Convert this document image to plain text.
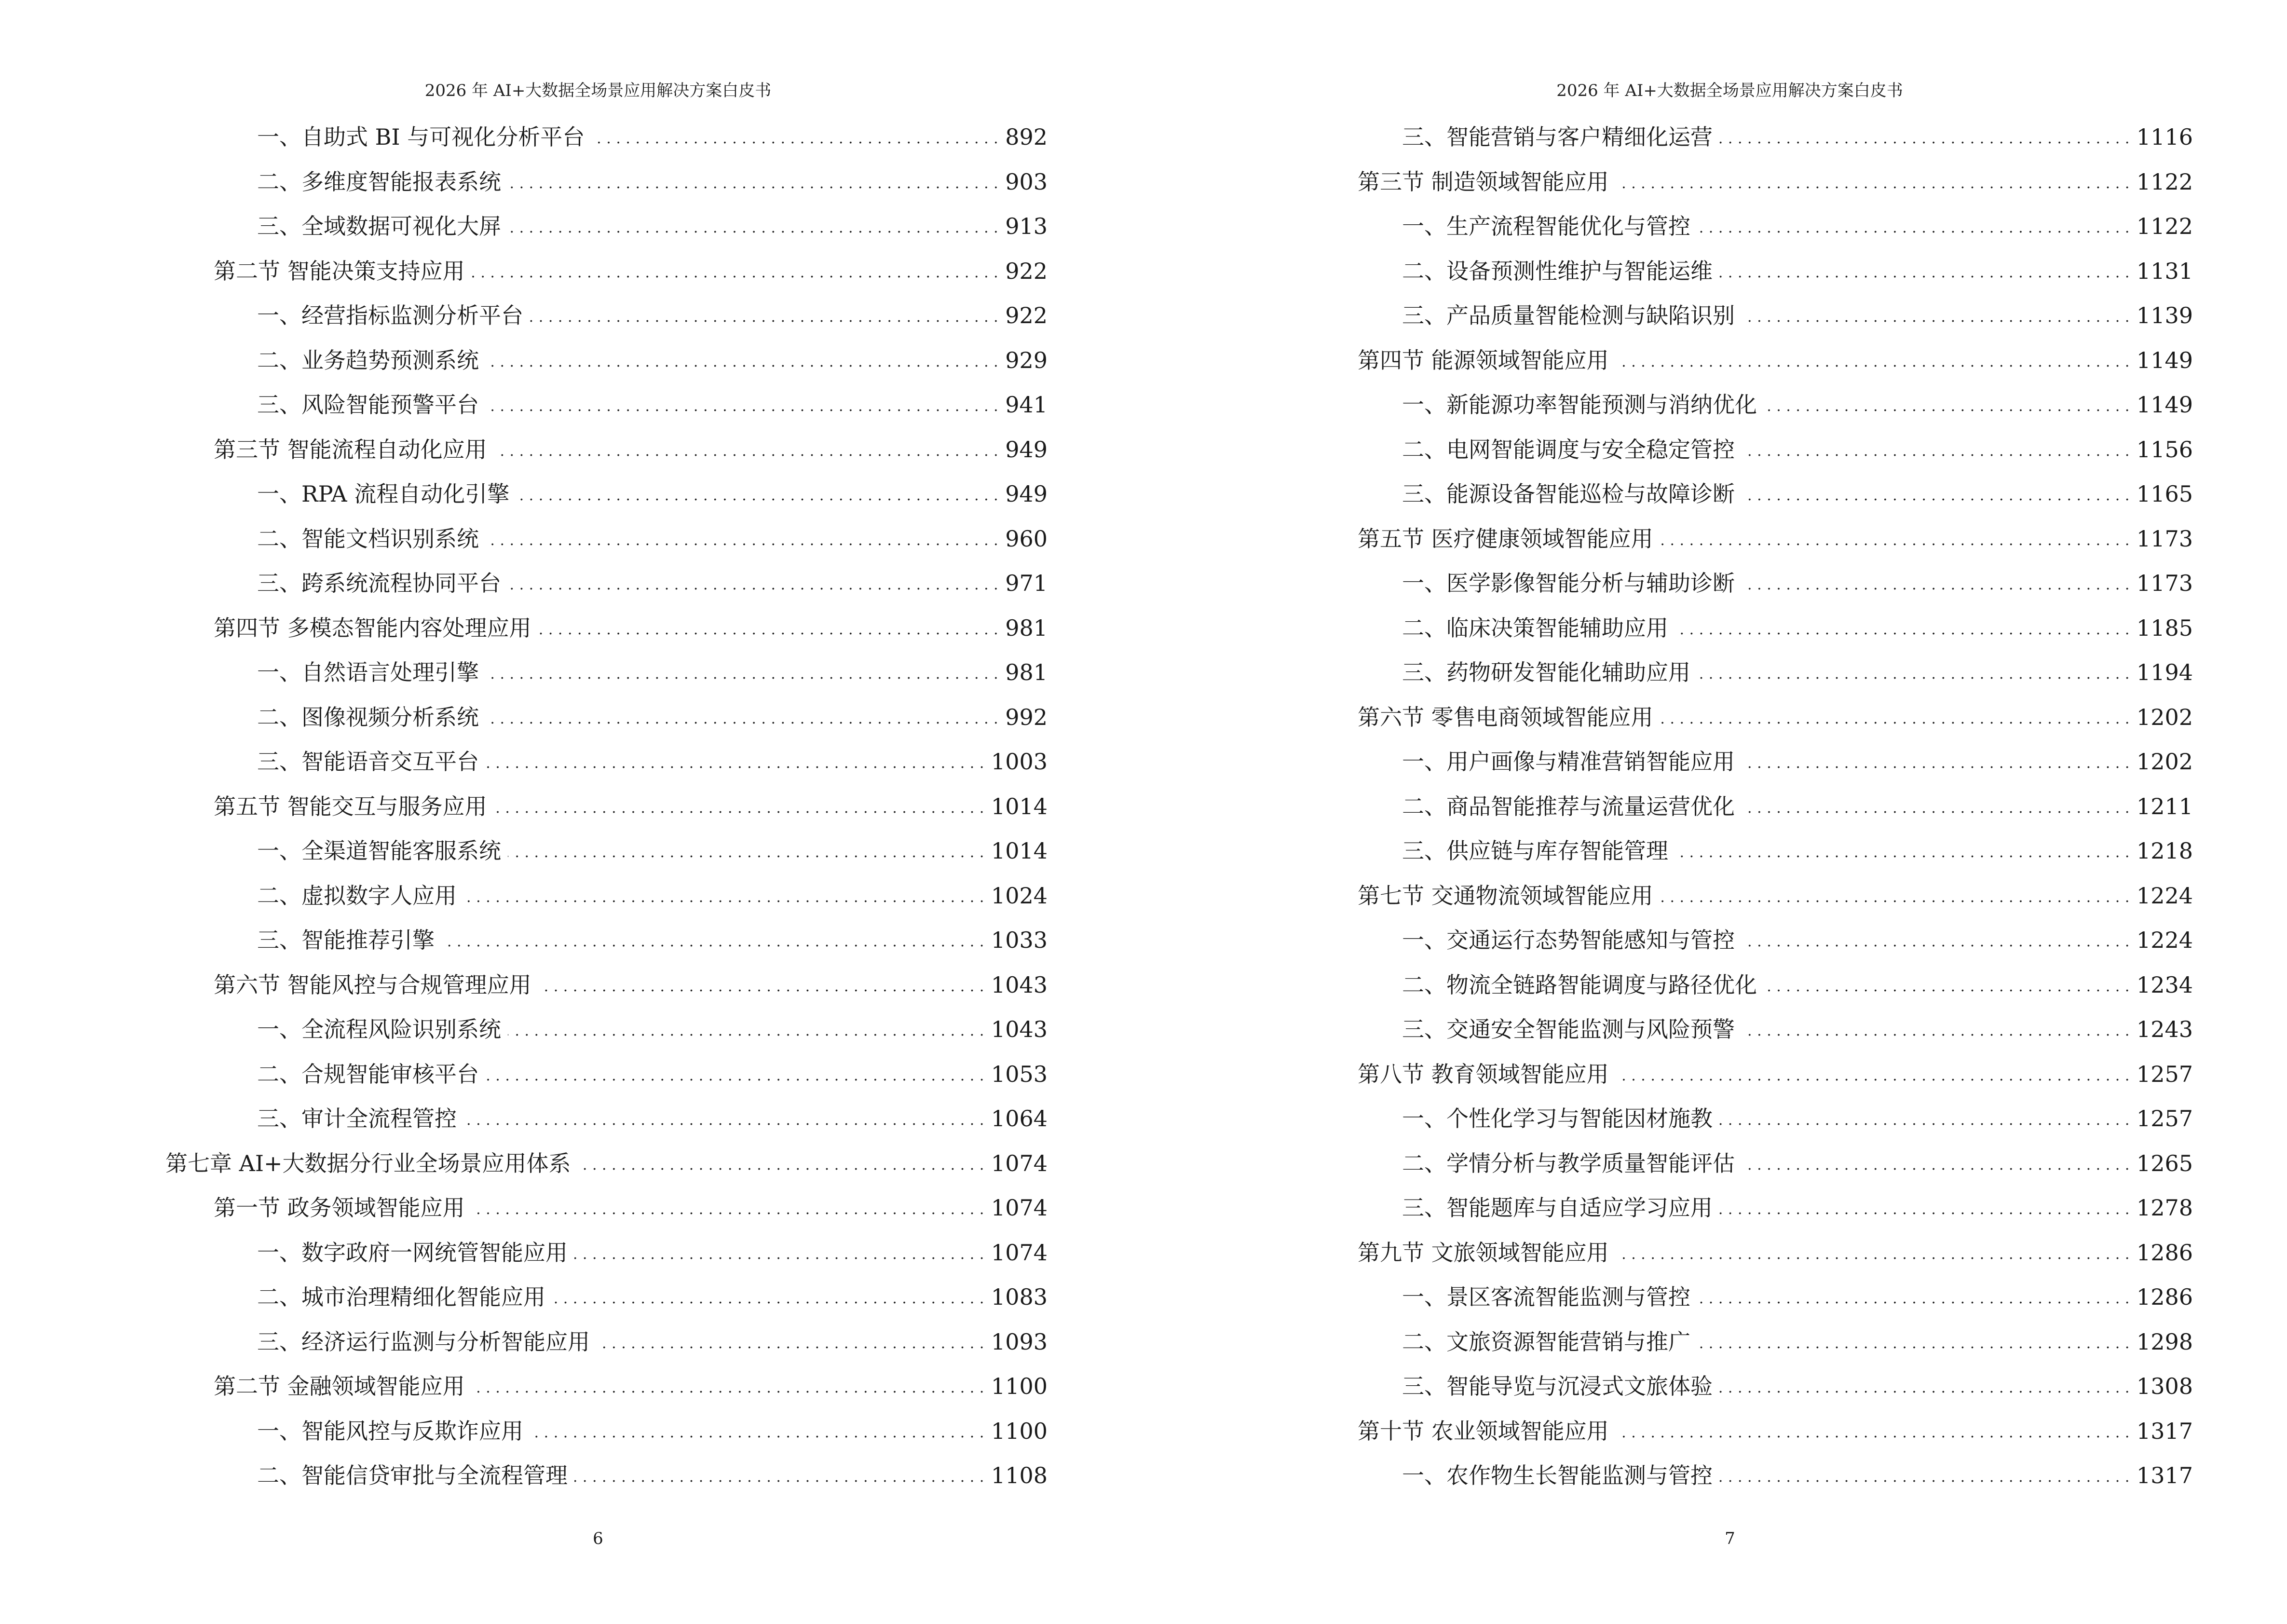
2026 年 AI+大数据全场景应用解决方案白皮书
一、自助式 BI 与可视化分析平台 . . .	892
二、多维度智能报表系统 . . .	903
三、全域数据可视化大屏 . . .	913
第二节 智能决策支持应用 . . .	922
一、经营指标监测分析平台 . . .	922
二、业务趋势预测系统 . . .	929
三、风险智能预警平台 . . .	941
第三节 智能流程自动化应用 . . .	949
一、RPA 流程自动化引擎 . . .	949
二、智能文档识别系统 . . .	960
三、跨系统流程协同平台 . . .	971
第四节 多模态智能内容处理应用 . . .	981
一、自然语言处理引擎 . . .	981
二、图像视频分析系统 . . .	992
三、智能语音交互平台 . . .	1003
第五节 智能交互与服务应用 . . .	1014
一、全渠道智能客服系统 . . .	1014
二、虚拟数字人应用 . . .	1024
三、智能推荐引擎 . . .	1033
第六节 智能风控与合规管理应用 . . .	1043
一、全流程风险识别系统 . . .	1043
二、合规智能审核平台 . . .	1053
三、审计全流程管控 . . .	1064
第七章 AI+大数据分行业全场景应用体系 . . .	1074
第一节 政务领域智能应用 . . .	1074
一、数字政府一网统管智能应用 . . .	1074
二、城市治理精细化智能应用 . . .	1083
三、经济运行监测与分析智能应用 . . .	1093
第二节 金融领域智能应用 . . .	1100
一、智能风控与反欺诈应用 . . .	1100
二、智能信贷审批与全流程管理 . . .	1108
6
2026 年 AI+大数据全场景应用解决方案白皮书
三、智能营销与客户精细化运营 . . .	1116
第三节 制造领域智能应用 . . .	1122
一、生产流程智能优化与管控 . . .	1122
二、设备预测性维护与智能运维 . . .	1131
三、产品质量智能检测与缺陷识别 . . .	1139
第四节 能源领域智能应用 . . .	1149
一、新能源功率智能预测与消纳优化 . . .	1149
二、电网智能调度与安全稳定管控 . . .	1156
三、能源设备智能巡检与故障诊断 . . .	1165
第五节 医疗健康领域智能应用 . . .	1173
一、医学影像智能分析与辅助诊断 . . .	1173
二、临床决策智能辅助应用 . . .	1185
三、药物研发智能化辅助应用 . . .	1194
第六节 零售电商领域智能应用 . . .	1202
一、用户画像与精准营销智能应用 . . .	1202
二、商品智能推荐与流量运营优化 . . .	1211
三、供应链与库存智能管理 . . .	1218
第七节 交通物流领域智能应用 . . .	1224
一、交通运行态势智能感知与管控 . . .	1224
二、物流全链路智能调度与路径优化 . . .	1234
三、交通安全智能监测与风险预警 . . .	1243
第八节 教育领域智能应用 . . .	1257
一、个性化学习与智能因材施教 . . .	1257
二、学情分析与教学质量智能评估 . . .	1265
三、智能题库与自适应学习应用 . . .	1278
第九节 文旅领域智能应用 . . .	1286
一、景区客流智能监测与管控 . . .	1286
二、文旅资源智能营销与推广 . . .	1298
三、智能导览与沉浸式文旅体验 . . .	1308
第十节 农业领域智能应用 . . .	1317
一、农作物生长智能监测与管控 . . .	1317
7
